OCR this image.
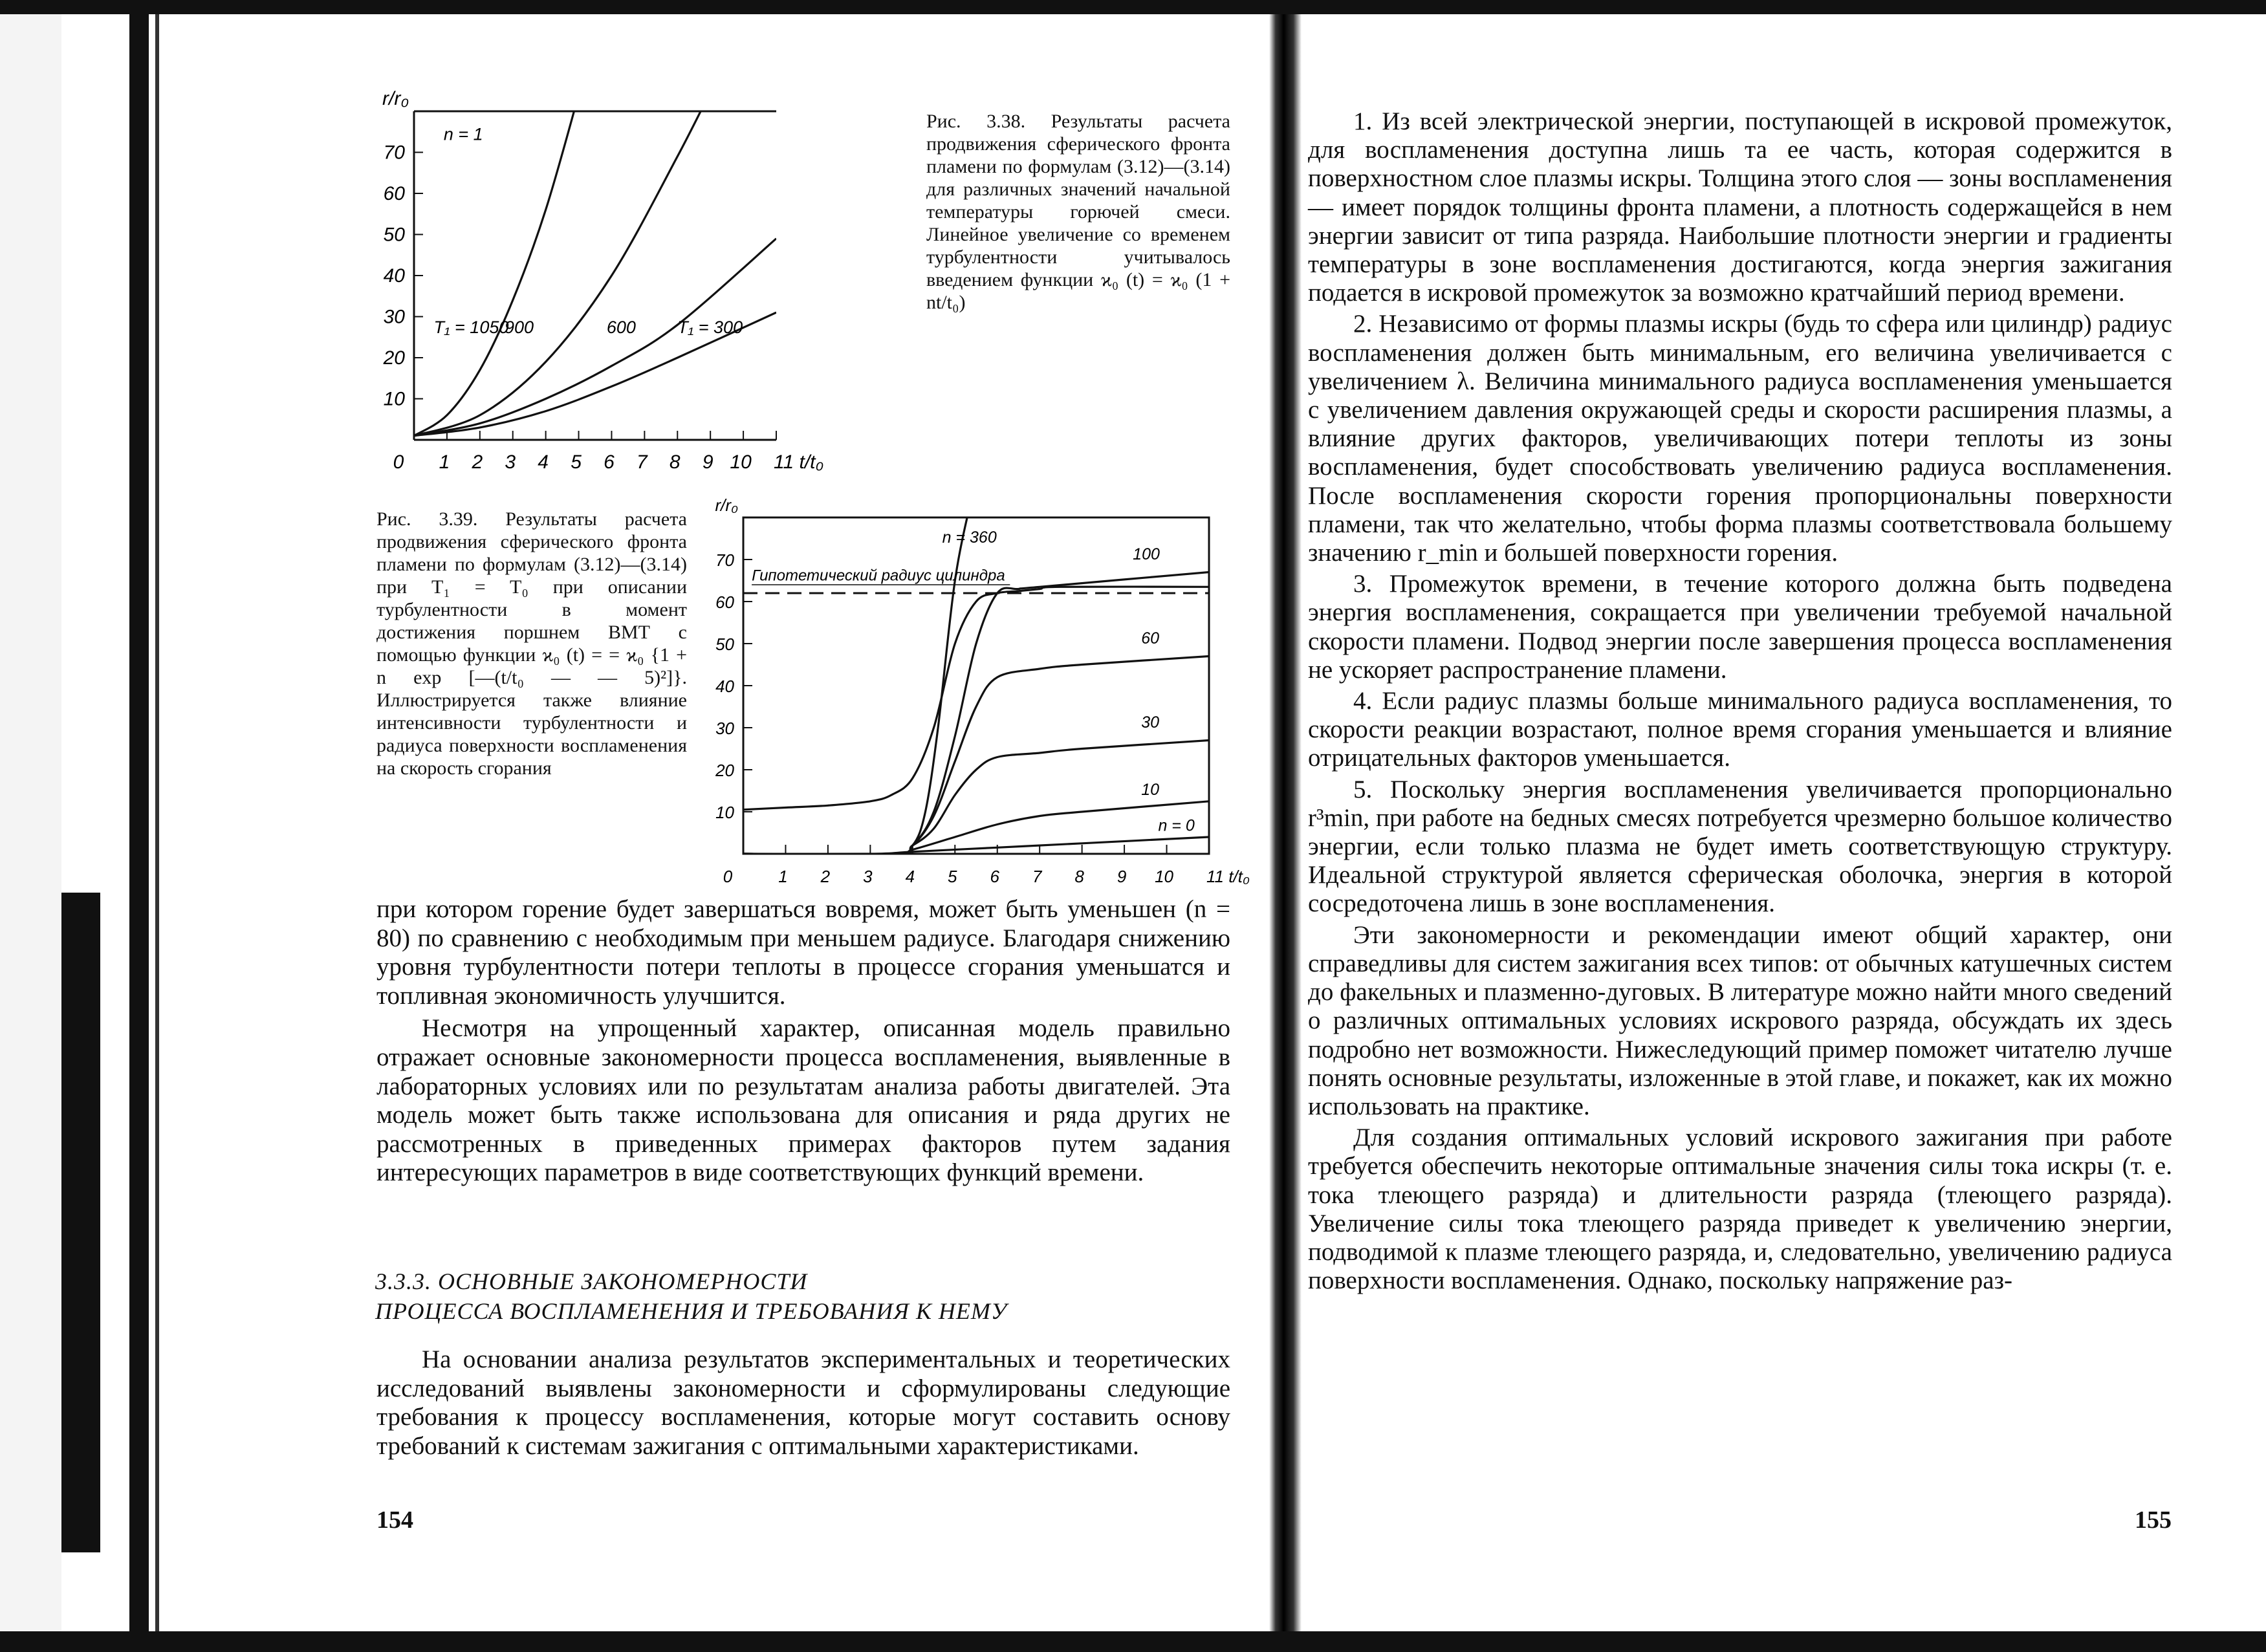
10
20
30
40
50
60
70
0 1 2 3 4 5 6 7 8 9 10 11 t/t₀
r/r₀
n = 1
T₁ = 1050
900	600 T₁ = 300
Рис. 3.38. Результаты расчета продвижения сферического фронта пламени по формулам (3.12)—(3.14) для различных значений начальной температуры горючей смеси. Линейное увеличение со временем турбулентности учитывалось введением функции ϰ₀ (t) = ϰ₀ (1 + nt/t₀)
10
20
30
40
50
60
70
0	1 2 3 4 5 6 7 8 9 10 11 t/t₀
r/r₀
Гипотетический радиус цилиндра
n = 360
100
60
30
10
n = 0
Рис. 3.39. Результаты расчета продвижения сферического фронта пламени по формулам (3.12)—(3.14) при T₁ = T₀ при описании турбулентности в момент достижения поршнем ВМТ с помощью функции ϰ₀ (t) = = ϰ₀ {1 + n exp [—(t/t₀ — — 5)²]}. Иллюстрируется также влияние интенсивности турбулентности и радиуса поверхности воспламенения на скорость сгорания

при котором горение будет завершаться вовремя, может быть уменьшен (n = 80) по сравнению с необходимым при меньшем радиусе. Благодаря снижению уровня турбулентности потери теплоты в процессе сгорания уменьшатся и топливная экономичность улучшится.

Несмотря на упрощенный характер, описанная модель правильно отражает основные закономерности процесса воспламенения, выявленные в лабораторных условиях или по результатам анализа работы двигателей. Эта модель может быть также использована для описания и ряда других не рассмотренных в приведенных примерах факторов путем задания интересующих параметров в виде соответствующих функций времени.

3.3.3. ОСНОВНЫЕ ЗАКОНОМЕРНОСТИ
ПРОЦЕССА ВОСПЛАМЕНЕНИЯ И ТРЕБОВАНИЯ К НЕМУ

На основании анализа результатов экспериментальных и теоретических исследований выявлены закономерности и сформулированы следующие требования к процессу воспламенения, которые могут составить основу требований к системам зажигания с оптимальными характеристиками.

154

1. Из всей электрической энергии, поступающей в искровой промежуток, для воспламенения доступна лишь та ее часть, которая содержится в поверхностном слое плазмы искры. Толщина этого слоя — зоны воспламенения — имеет порядок толщины фронта пламени, а плотность содержащейся в нем энергии зависит от типа разряда. Наибольшие плотности энергии и градиенты температуры в зоне воспламенения достигаются, когда энергия зажигания подается в искровой промежуток за возможно кратчайший период времени.

2. Независимо от формы плазмы искры (будь то сфера или цилиндр) радиус воспламенения должен быть минимальным, его величина увеличивается с увеличением λ. Величина минимального радиуса воспламенения уменьшается с увеличением давления окружающей среды и скорости расширения плазмы, а влияние других факторов, увеличивающих потери теплоты из зоны воспламенения, будет способствовать увеличению радиуса воспламенения. После воспламенения скорости горения пропорциональны поверхности пламени, так что желательно, чтобы форма плазмы соответствовала большему значению r_min и большей поверхности горения.

3. Промежуток времени, в течение которого должна быть подведена энергия воспламенения, сокращается при увеличении требуемой начальной скорости пламени. Подвод энергии после завершения процесса воспламенения не ускоряет распространение пламени.

4. Если радиус плазмы больше минимального радиуса воспламенения, то скорости реакции возрастают, полное время сгорания уменьшается и влияние отрицательных факторов уменьшается.

5. Поскольку энергия воспламенения увеличивается пропорционально r³min, при работе на бедных смесях потребуется чрезмерно большое количество энергии, если только плазма не будет иметь соответствующую структуру. Идеальной структурой является сферическая оболочка, энергия в которой сосредоточена лишь в зоне воспламенения.

Эти закономерности и рекомендации имеют общий характер, они справедливы для систем зажигания всех типов: от обычных катушечных систем до факельных и плазменно-дуговых. В литературе можно найти много сведений о различных оптимальных условиях искрового разряда, обсуждать их здесь подробно нет возможности. Нижеследующий пример поможет читателю лучше понять основные результаты, изложенные в этой главе, и покажет, как их можно использовать на практике.

Для создания оптимальных условий искрового зажигания при работе требуется обеспечить некоторые оптимальные значения силы тока искры (т. е. тока тлеющего разряда) и длительности разряда (тлеющего разряда). Увеличение силы тока тлеющего разряда приведет к увеличению энергии, подводимой к плазме тлеющего разряда, и, следовательно, увеличению радиуса поверхности воспламенения. Однако, поскольку напряжение раз-

155
